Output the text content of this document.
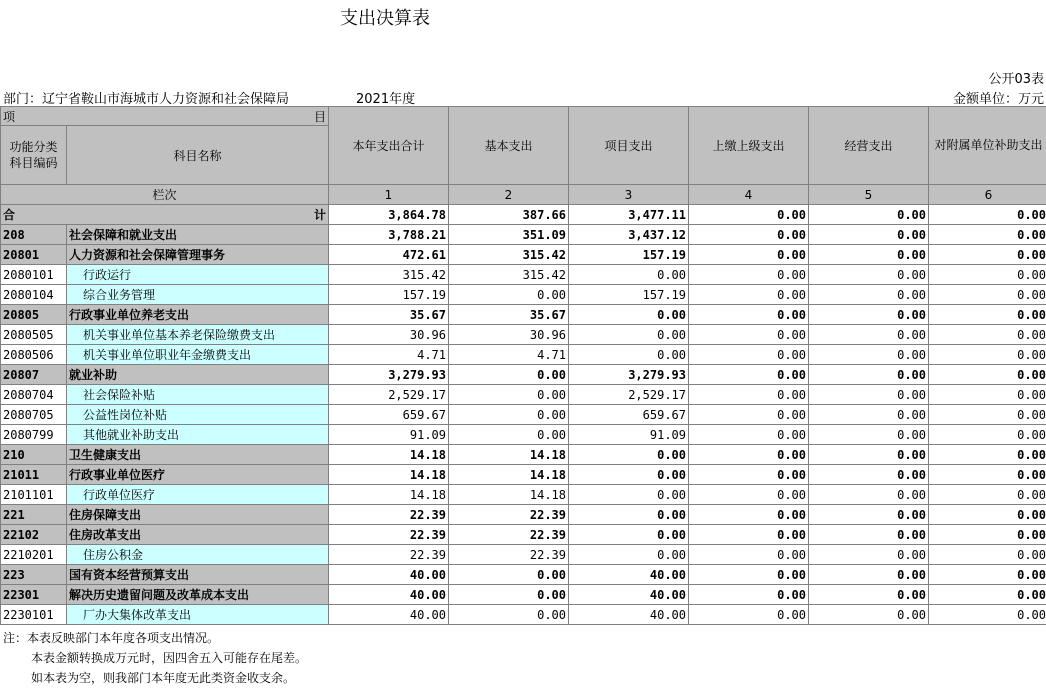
支出决算表
公开03表
部门：辽宁省鞍山市海城市人力资源和社会保障局	2021年度	金额单位：万元
项 目		本年支出合计	基本支出	项目支出	上缴上级支出	经营支出	对附属单位补助支出
功能分类
科目编码	科目名称						
栏次		1	2	3	4	5	6
合 计		3,864.78	387.66	3,477.11	0.00	0.00	0.00
208	社会保障和就业支出	3,788.21	351.09	3,437.12	0.00	0.00	0.00
20801	人力资源和社会保障管理事务	472.61	315.42	157.19	0.00	0.00	0.00
2080101	行政运行	315.42	315.42	0.00	0.00	0.00	0.00
2080104	综合业务管理	157.19	0.00	157.19	0.00	0.00	0.00
20805	行政事业单位养老支出	35.67	35.67	0.00	0.00	0.00	0.00
2080505	机关事业单位基本养老保险缴费支出	30.96	30.96	0.00	0.00	0.00	0.00
2080506	机关事业单位职业年金缴费支出	4.71	4.71	0.00	0.00	0.00	0.00
20807	就业补助	3,279.93	0.00	3,279.93	0.00	0.00	0.00
2080704	社会保险补贴	2,529.17	0.00	2,529.17	0.00	0.00	0.00
2080705	公益性岗位补贴	659.67	0.00	659.67	0.00	0.00	0.00
2080799	其他就业补助支出	91.09	0.00	91.09	0.00	0.00	0.00
210	卫生健康支出	14.18	14.18	0.00	0.00	0.00	0.00
21011	行政事业单位医疗	14.18	14.18	0.00	0.00	0.00	0.00
2101101	行政单位医疗	14.18	14.18	0.00	0.00	0.00	0.00
221	住房保障支出	22.39	22.39	0.00	0.00	0.00	0.00
22102	住房改革支出	22.39	22.39	0.00	0.00	0.00	0.00
2210201	住房公积金	22.39	22.39	0.00	0.00	0.00	0.00
223	国有资本经营预算支出	40.00	0.00	40.00	0.00	0.00	0.00
22301	解决历史遗留问题及改革成本支出	40.00	0.00	40.00	0.00	0.00	0.00
2230101	厂办大集体改革支出	40.00	0.00	40.00	0.00	0.00	0.00
注：本表反映部门本年度各项支出情况。
本表金额转换成万元时，因四舍五入可能存在尾差。
如本表为空，则我部门本年度无此类资金收支余。
